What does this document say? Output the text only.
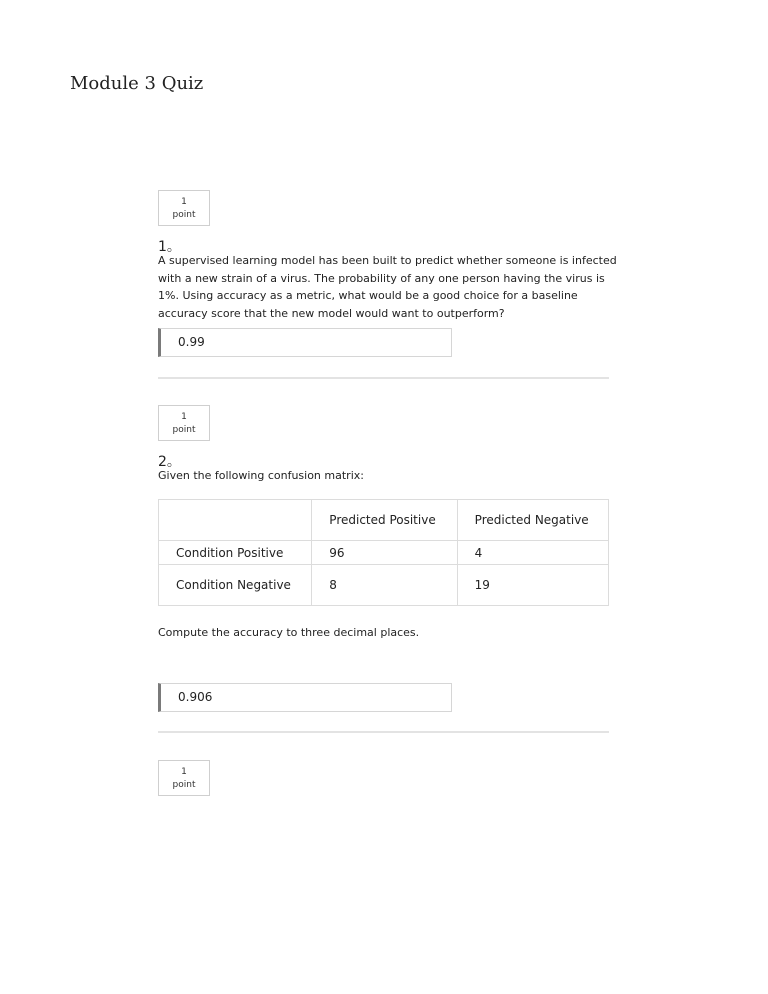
Module 3 Quiz
1
point
1。
A supervised learning model has been built to predict whether someone is infected with a new strain of a virus. The probability of any one person having the virus is 1%. Using accuracy as a metric, what would be a good choice for a baseline accuracy score that the new model would want to outperform?
0.99
1
point
2。
Given the following confusion matrix:
	Predicted Positive	Predicted Negative
Condition Positive	96	4
Condition Negative	8	19
Compute the accuracy to three decimal places.
0.906
1
point
